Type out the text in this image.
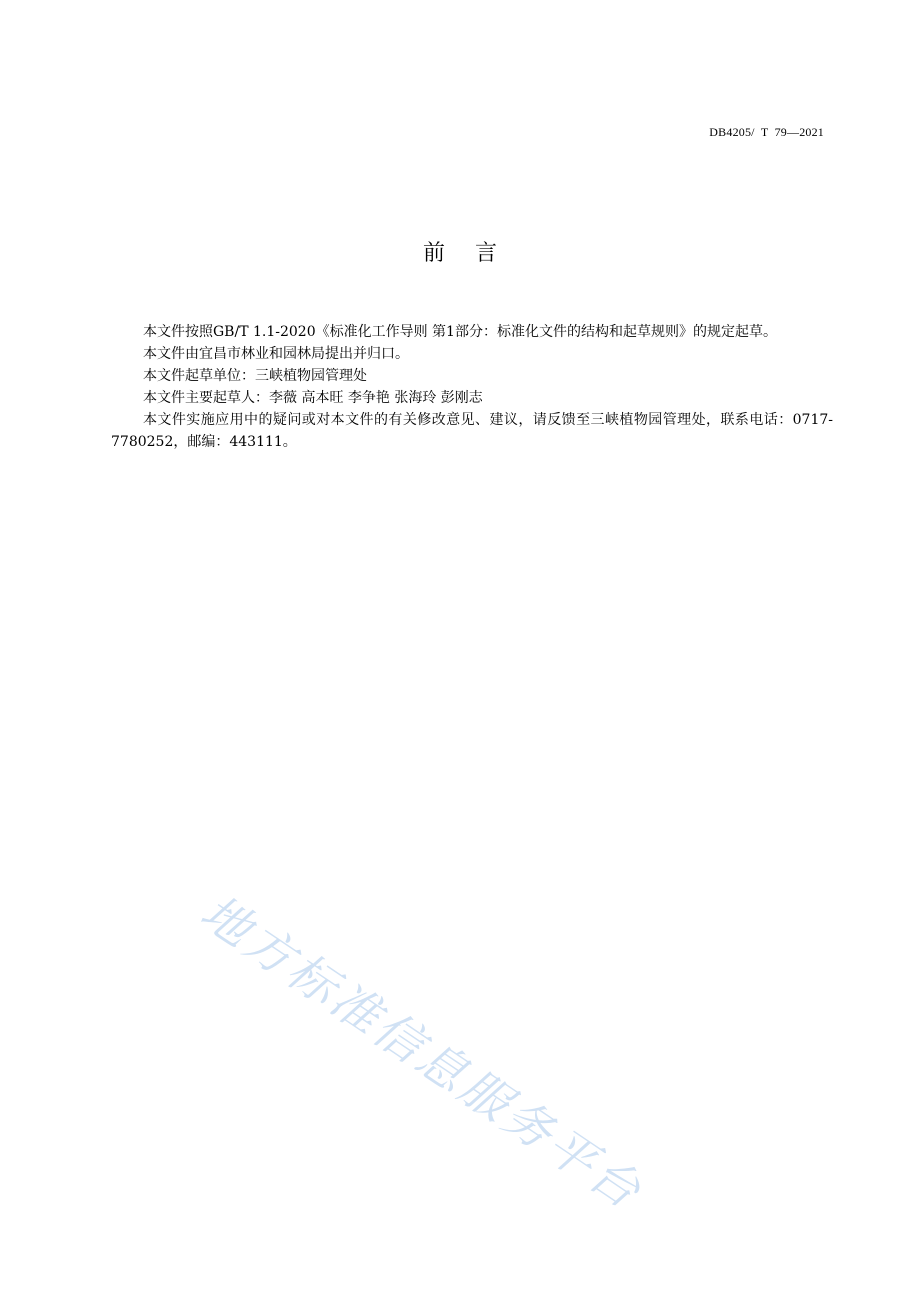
DB4205/  T  79—2021
前言

本文件按照GB/T 1.1-2020《标准化工作导则 第1部分：标准化文件的结构和起草规则》的规定起草。

本文件由宜昌市林业和园林局提出并归口。

本文件起草单位：三峡植物园管理处

本文件主要起草人：李薇 高本旺 李争艳 张海玲 彭刚志

本文件实施应用中的疑问或对本文件的有关修改意见、建议，请反馈至三峡植物园管理处，联系电话：0717-7780252，邮编：443111。

地方标准信息服务平台
